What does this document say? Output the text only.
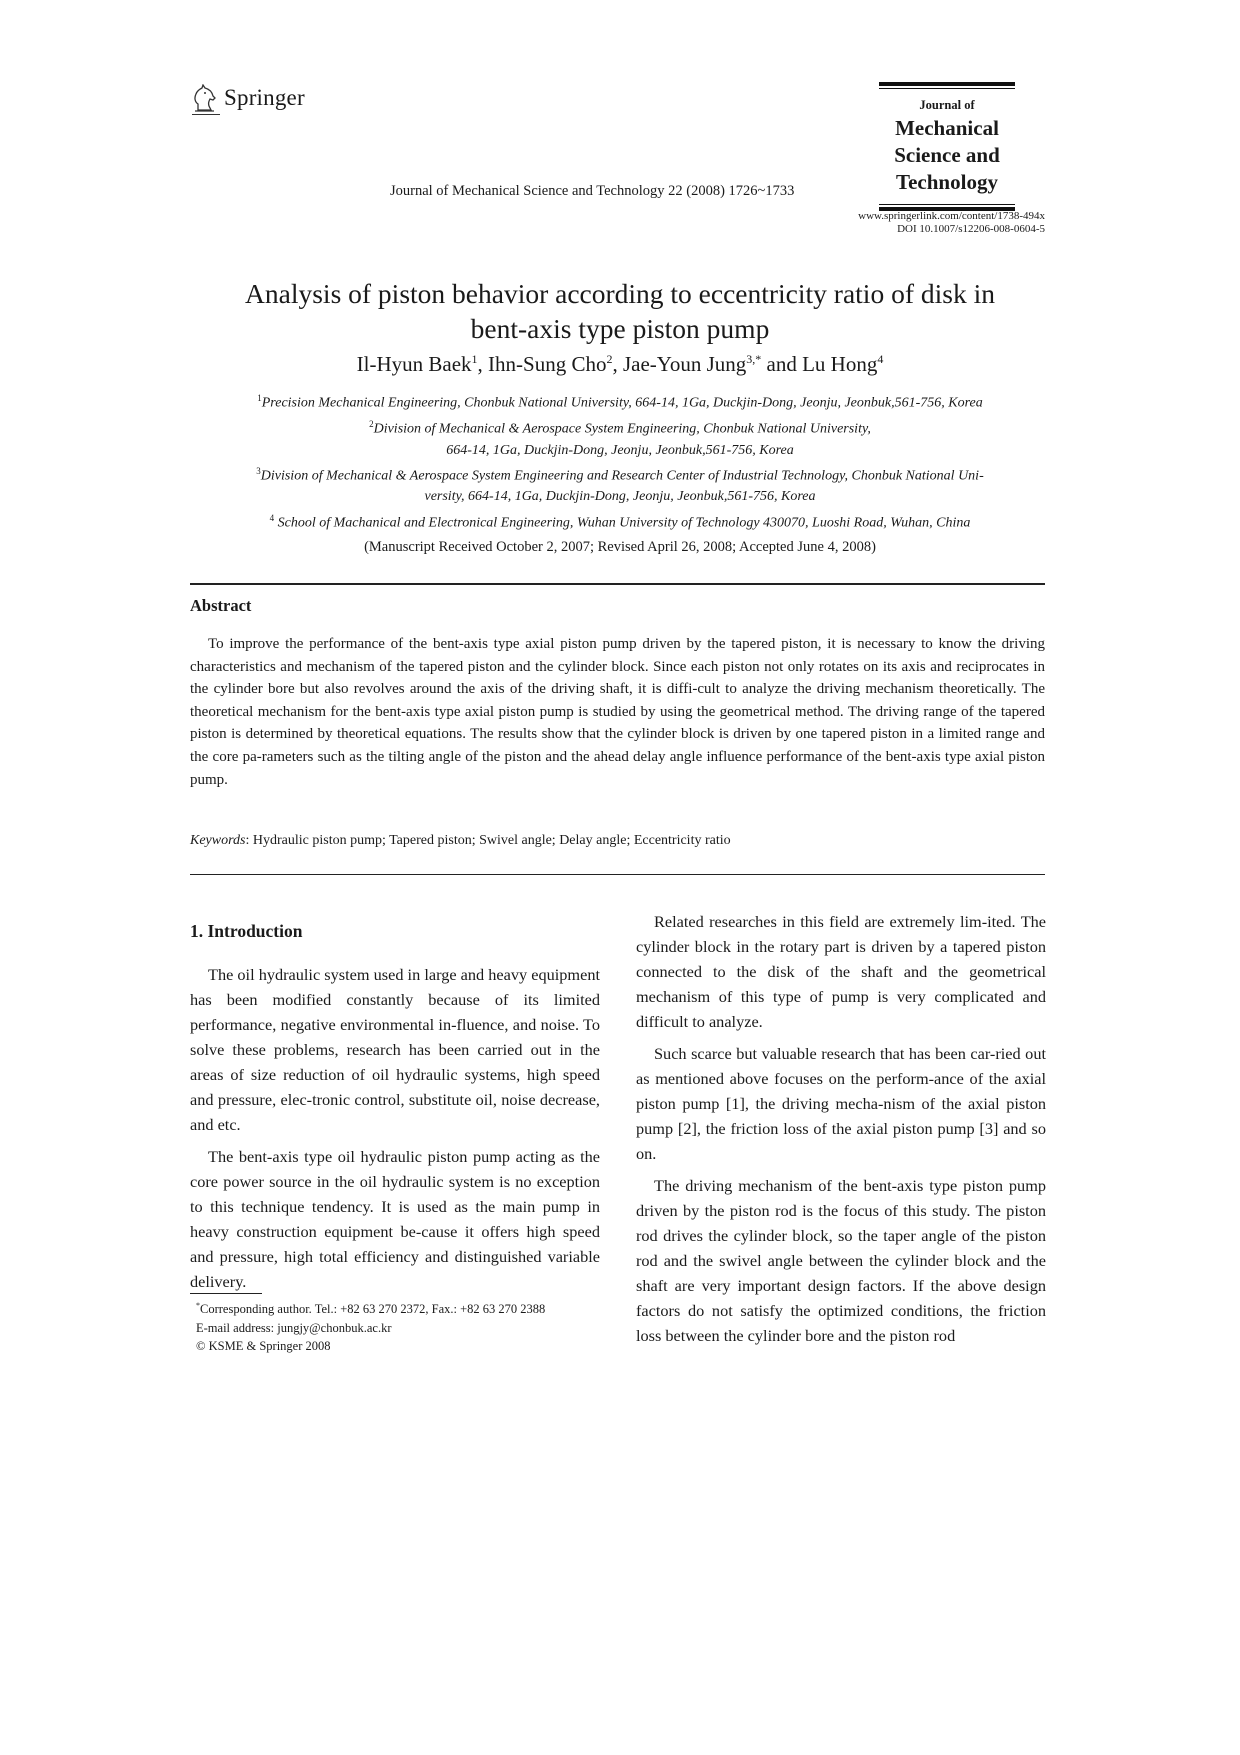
Springer
Journal of Mechanical Science and Technology 22 (2008) 1726~1733
Journal of
Mechanical
Science and
Technology
www.springerlink.com/content/1738-494x
DOI 10.1007/s12206-008-0604-5
Analysis of piston behavior according to eccentricity ratio of disk in
bent-axis type piston pump
Il-Hyun Baek$^1$, Ihn-Sung Cho$^2$, Jae-Youn Jung$^{3,*}$ and Lu Hong$^4$
$^1$Precision Mechanical Engineering, Chonbuk National University, 664-14, 1Ga, Duckjin-Dong, Jeonju, Jeonbuk,561-756, Korea
$^2$Division of Mechanical & Aerospace System Engineering, Chonbuk National University,
664-14, 1Ga, Duckjin-Dong, Jeonju, Jeonbuk,561-756, Korea
$^3$Division of Mechanical & Aerospace System Engineering and Research Center of Industrial Technology, Chonbuk National Uni-
versity, 664-14, 1Ga, Duckjin-Dong, Jeonju, Jeonbuk,561-756, Korea
$^4$ School of Machanical and Electronical Engineering, Wuhan University of Technology 430070, Luoshi Road, Wuhan, China
(Manuscript Received October 2, 2007; Revised April 26, 2008; Accepted June 4, 2008)
Abstract
To improve the performance of the bent-axis type axial piston pump driven by the tapered piston, it is necessary to know the driving characteristics and mechanism of the tapered piston and the cylinder block. Since each piston not only rotates on its axis and reciprocates in the cylinder bore but also revolves around the axis of the driving shaft, it is diffi-cult to analyze the driving mechanism theoretically. The theoretical mechanism for the bent-axis type axial piston pump is studied by using the geometrical method. The driving range of the tapered piston is determined by theoretical equations. The results show that the cylinder block is driven by one tapered piston in a limited range and the core pa-rameters such as the tilting angle of the piston and the ahead delay angle influence performance of the bent-axis type axial piston pump.
Keywords: Hydraulic piston pump; Tapered piston; Swivel angle; Delay angle; Eccentricity ratio
1. Introduction

The oil hydraulic system used in large and heavy equipment has been modified constantly because of its limited performance, negative environmental in-fluence, and noise. To solve these problems, research has been carried out in the areas of size reduction of oil hydraulic systems, high speed and pressure, elec-tronic control, substitute oil, noise decrease, and etc.

The bent-axis type oil hydraulic piston pump acting as the core power source in the oil hydraulic system is no exception to this technique tendency. It is used as the main pump in heavy construction equipment be-cause it offers high speed and pressure, high total efficiency and distinguished variable delivery.

Related researches in this field are extremely lim-ited. The cylinder block in the rotary part is driven by a tapered piston connected to the disk of the shaft and the geometrical mechanism of this type of pump is very complicated and difficult to analyze.

Such scarce but valuable research that has been car-ried out as mentioned above focuses on the perform-ance of the axial piston pump [1], the driving mecha-nism of the axial piston pump [2], the friction loss of the axial piston pump [3] and so on.

The driving mechanism of the bent-axis type piston pump driven by the piston rod is the focus of this study. The piston rod drives the cylinder block, so the taper angle of the piston rod and the swivel angle between the cylinder block and the shaft are very important design factors. If the above design factors do not satisfy the optimized conditions, the friction loss between the cylinder bore and the piston rod

*Corresponding author. Tel.: +82 63 270 2372, Fax.: +82 63 270 2388
E-mail address: jungjy@chonbuk.ac.kr
© KSME & Springer 2008
